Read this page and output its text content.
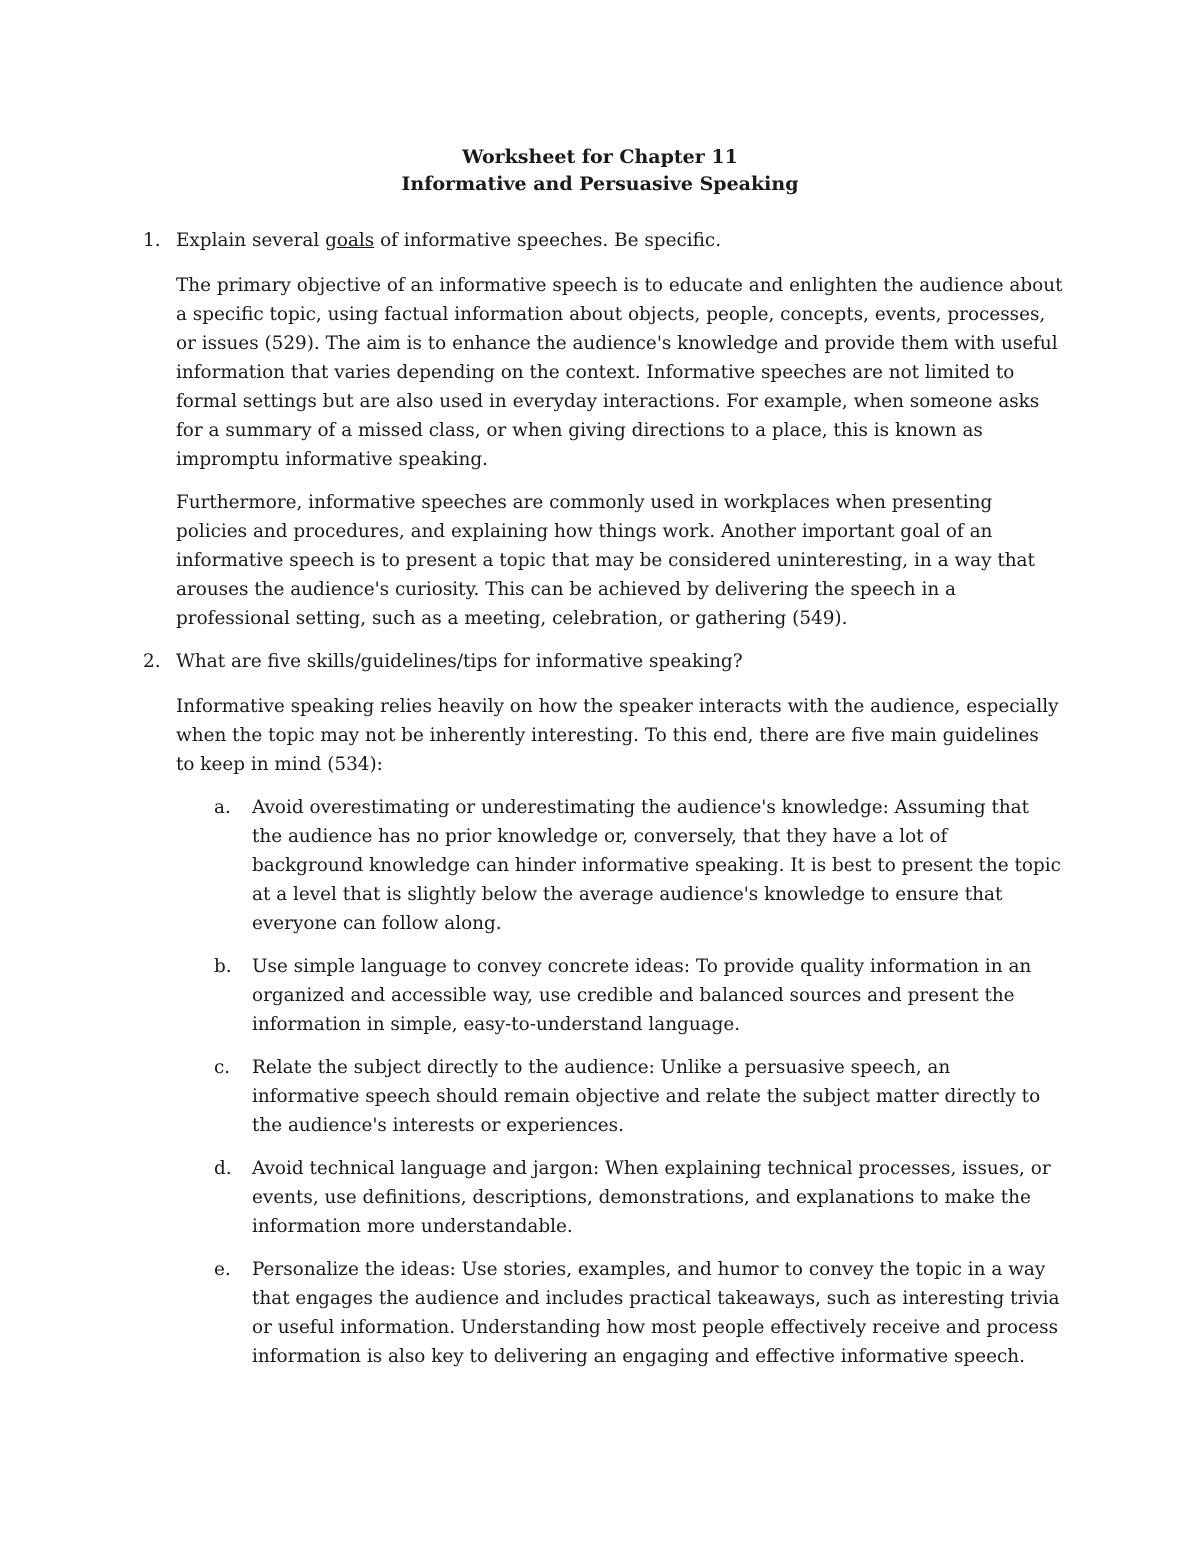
Worksheet for Chapter 11
Informative and Persuasive Speaking
1. Explain several goals of informative speeches. Be specific.

The primary objective of an informative speech is to educate and enlighten the audience about a specific topic, using factual information about objects, people, concepts, events, processes, or issues (529). The aim is to enhance the audience's knowledge and provide them with useful information that varies depending on the context. Informative speeches are not limited to formal settings but are also used in everyday interactions. For example, when someone asks for a summary of a missed class, or when giving directions to a place, this is known as impromptu informative speaking.

Furthermore, informative speeches are commonly used in workplaces when presenting policies and procedures, and explaining how things work. Another important goal of an informative speech is to present a topic that may be considered uninteresting, in a way that arouses the audience's curiosity. This can be achieved by delivering the speech in a professional setting, such as a meeting, celebration, or gathering (549).

2. What are five skills/guidelines/tips for informative speaking?

Informative speaking relies heavily on how the speaker interacts with the audience, especially when the topic may not be inherently interesting. To this end, there are five main guidelines to keep in mind (534):

a.	Avoid overestimating or underestimating the audience's knowledge: Assuming that the audience has no prior knowledge or, conversely, that they have a lot of background knowledge can hinder informative speaking. It is best to present the topic at a level that is slightly below the average audience's knowledge to ensure that everyone can follow along.
b.	Use simple language to convey concrete ideas: To provide quality information in an organized and accessible way, use credible and balanced sources and present the information in simple, easy-to-understand language.
c.	Relate the subject directly to the audience: Unlike a persuasive speech, an informative speech should remain objective and relate the subject matter directly to the audience's interests or experiences.
d.	Avoid technical language and jargon: When explaining technical processes, issues, or events, use definitions, descriptions, demonstrations, and explanations to make the information more understandable.
e.	Personalize the ideas: Use stories, examples, and humor to convey the topic in a way that engages the audience and includes practical takeaways, such as interesting trivia or useful information. Understanding how most people effectively receive and process information is also key to delivering an engaging and effective informative speech.
